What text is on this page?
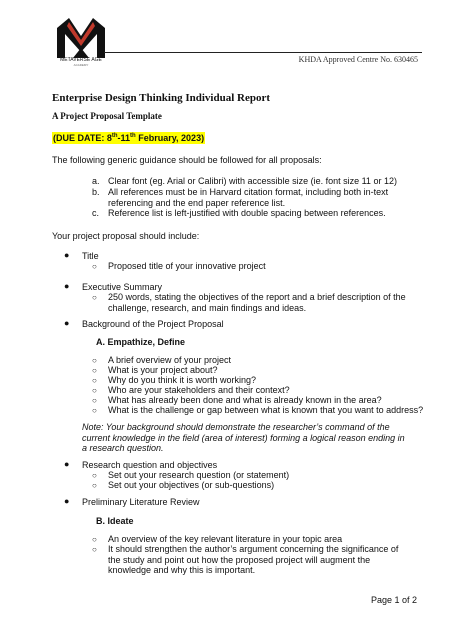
METAVERSE AGE
ACADEMY
KHDA Approved Centre No. 630465
Enterprise Design Thinking Individual Report
A Project Proposal Template
(DUE DATE: 8th-11th February, 2023)
The following generic guidance should be followed for all proposals:
a. Clear font (eg. Arial or Calibri) with accessible size (ie. font size 11 or 12)
b. All references must be in Harvard citation format, including both in-text referencing and the end paper reference list.
c. Reference list is left-justified with double spacing between references.
Your project proposal should include:
● Title
○ Proposed title of your innovative project
● Executive Summary
○ 250 words, stating the objectives of the report and a brief description of the challenge, research, and main findings and ideas.
● Background of the Project Proposal
A. Empathize, Define
○ A brief overview of your project
○ What is your project about?
○ Why do you think it is worth working?
○ Who are your stakeholders and their context?
○ What has already been done and what is already known in the area?
○ What is the challenge or gap between what is known that you want to address?
Note: Your background should demonstrate the researcher’s command of the current knowledge in the field (area of interest) forming a logical reason ending in a research question.
● Research question and objectives
○ Set out your research question (or statement)
○ Set out your objectives (or sub-questions)
● Preliminary Literature Review
B. Ideate
○ An overview of the key relevant literature in your topic area
○ It should strengthen the author’s argument concerning the significance of the study and point out how the proposed project will augment the knowledge and why this is important.
Page 1 of 2
